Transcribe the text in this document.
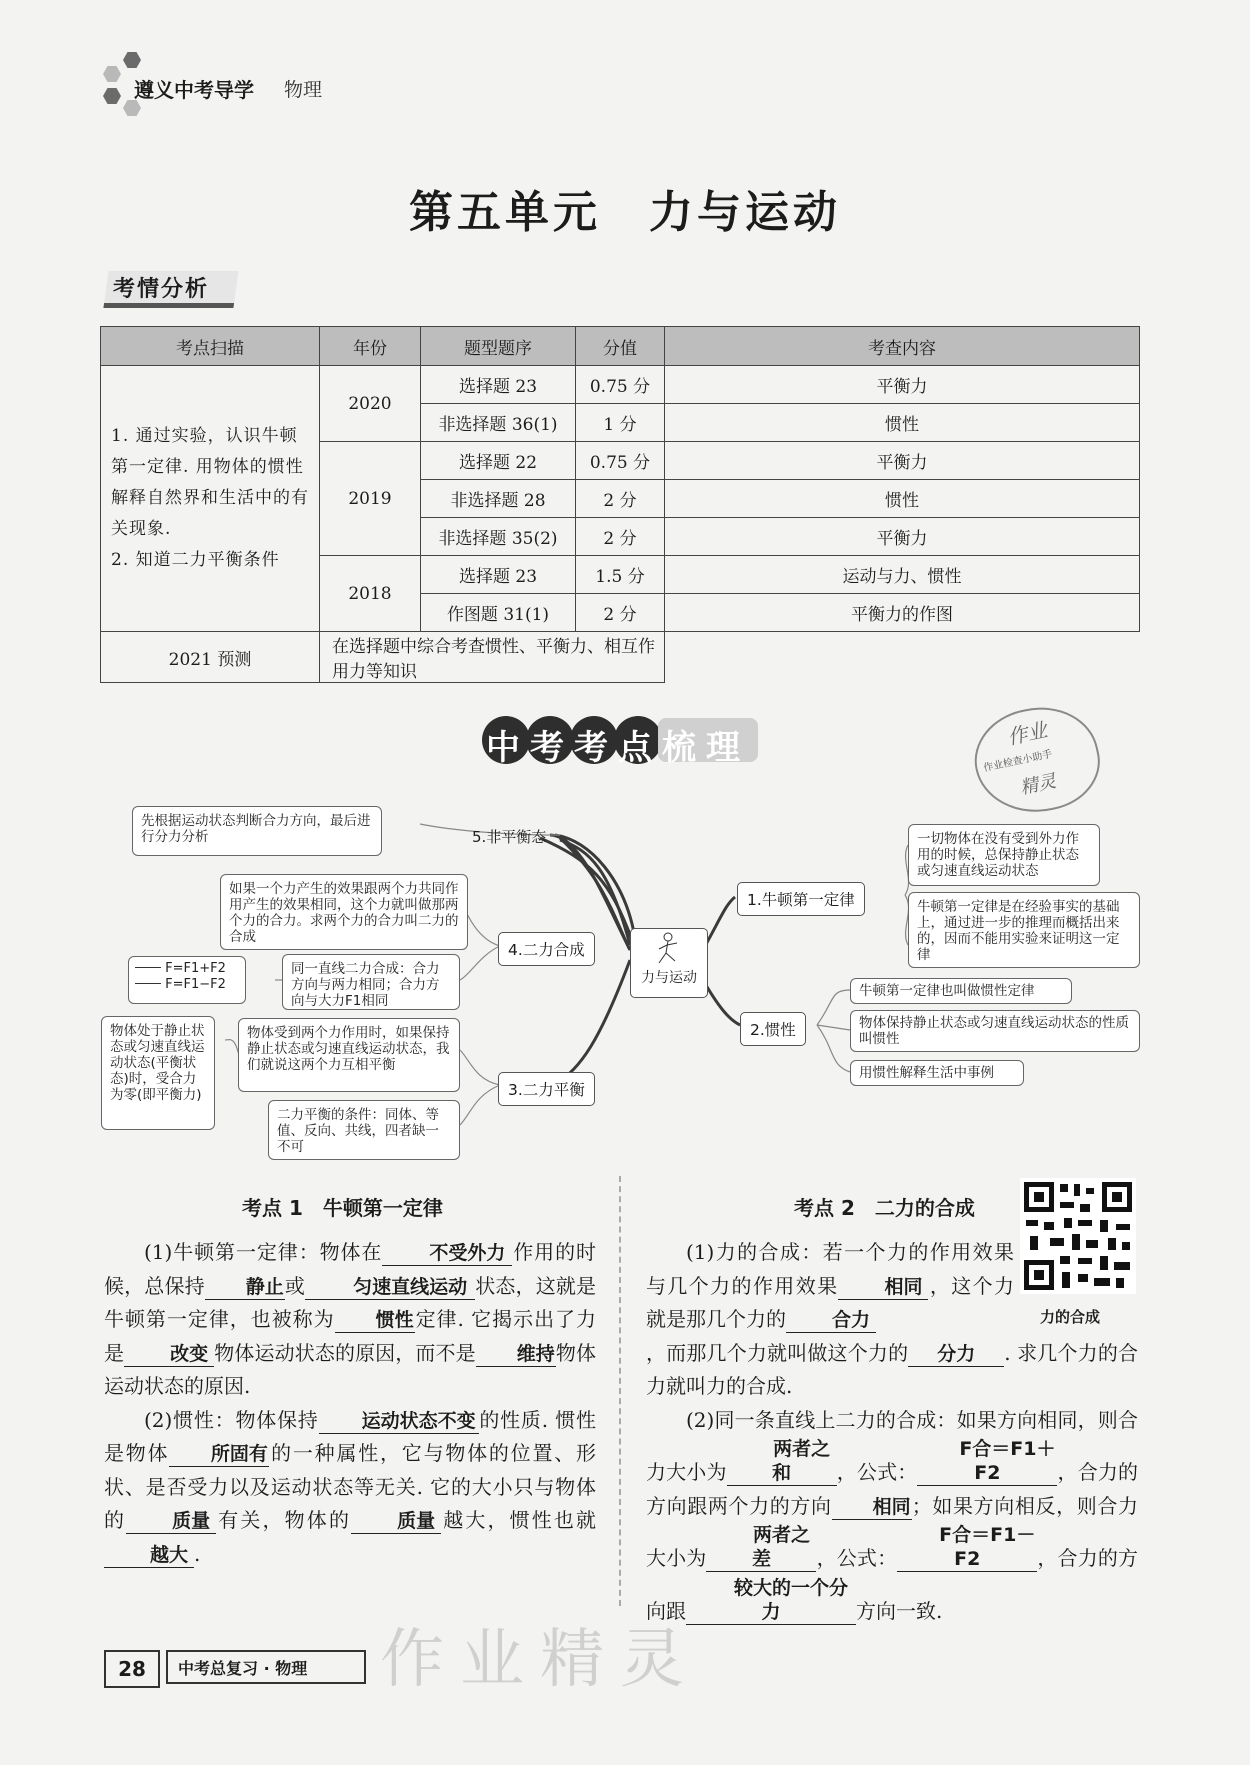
遵义中考导学 物理
第五单元　力与运动
考情分析
考点扫描	年份	题型题序	分值	考查内容

1. 通过实验，认识牛顿第一定律. 用物体的惯性解释自然界和生活中的有关现象.
2. 知道二力平衡条件	2020	选择题 23	0.75 分	平衡力
		非选择题 36(1)	1 分	惯性
	2019	选择题 22	0.75 分	平衡力
		非选择题 28	2 分	惯性
		非选择题 35(2)	2 分	平衡力
	2018	选择题 23	1.5 分	运动与力、惯性
		作图题 31(1)	2 分	平衡力的作图
2021 预测	在选择题中综合考查惯性、平衡力、相互作用力等知识			
中考考点梳理	作业
作业检查小助手
精灵
力与运动
1.牛顿第一定律
一切物体在没有受到外力作用的时候，总保持静止状态或匀速直线运动状态
牛顿第一定律是在经验事实的基础上，通过进一步的推理而概括出来的，因而不能用实验来证明这一定律
2.惯性
牛顿第一定律也叫做惯性定律
物体保持静止状态或匀速直线运动状态的性质叫惯性
用惯性解释生活中事例
3.二力平衡
物体受到两个力作用时，如果保持静止状态或匀速直线运动状态，我们就说这两个力互相平衡
二力平衡的条件：同体、等值、反向、共线，四者缺一不可
物体处于静止状态或匀速直线运动状态(平衡状态)时，受合力为零(即平衡力)
4.二力合成
如果一个力产生的效果跟两个力共同作用产生的效果相同，这个力就叫做那两个力的合力。求两个力的合力叫二力的合成
同一直线二力合成：合力方向与两力相同；合力方向与大力F1相同
F=F1+F2
F=F1−F2
5.非平衡态
先根据运动状态判断合力方向，最后进行分力分析
考点 1　牛顿第一定律
(1)牛顿第一定律：物体在 不受外力 作用的时候，总保持 静止或	匀速直线运动 状态，这就是牛顿第一定律，也被称为 惯性定律. 它揭示出了力是 改变 物体运动状态的原因，而不是 维持物体运动状态的原因.
(2)惯性：物体保持 运动状态不变 的性质. 惯性是物体 所固有的一种属性，它与物体的位置、形状、是否受力以及运动状态等无关. 它的大小只与物体的 质量 有关，物体的 质量 越大，惯性也就越大 .
考点 2　二力的合成
力的合成
(1)力的合成：若一个力的作用效果与几个力的作用效果 相同 ，这个力就是那几个力的 合力
，而那几个力就叫做这个力的 分力 . 求几个力的合力就叫力的合成.
(2)同一条直线上二力的合成：如果方向相同，则合力大小为两者之和 ，公式：F合＝F1＋F2	，合力的方向跟两个力的方向 相同；如果方向相反，则合力大小为两者之差 ，公式：F合＝F1－F2	，合力的方向跟较大的一个分力	方向一致.
作业精灵
28	中考总复习 · 物理
